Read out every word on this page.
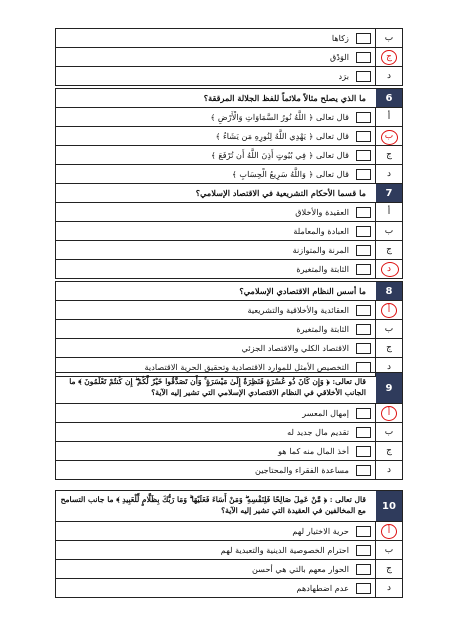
ب
زكاها
ج
الوَدْق
د
برَد
6
ما الذي يصلح مثالاً ملائماً للفظ الجلالة المرققة؟
أ
قال تعالى ﴿ اللَّهُ نُورُ السَّمَاوَاتِ وَالْأَرْضِ ﴾
ب
قال تعالى ﴿ يَهْدِي اللَّهُ لِنُورِهِ مَن يَشَاءُ ﴾
ج
قال تعالى ﴿ فِي بُيُوتٍ أَذِنَ اللَّهُ أَن تُرْفَعَ ﴾
د
قال تعالى ﴿ وَاللَّهُ سَرِيعُ الْحِسَابِ ﴾
7
ما قسما الأحكام التشريعية في الاقتصاد الإسلامي؟
أ
العقيدة والأخلاق
ب
العبادة والمعاملة
ج
المرنة والمتوازنة
د
الثابتة والمتغيرة
8
ما أسس النظام الاقتصادي الإسلامي؟
أ
العقائدية والأخلاقية والتشريعية
ب
الثابتة والمتغيرة
ج
الاقتصاد الكلي والاقتصاد الجزئي
د
التخصيص الأمثل للموارد الاقتصادية وتحقيق الحرية الاقتصادية
9
قال تعالى: ﴿ وَإِن كَانَ ذُو عُسْرَةٍ فَنَظِرَةٌ إِلَىٰ مَيْسَرَةٍ ۚ وَأَن تَصَدَّقُوا خَيْرٌ لَّكُمْ ۖ إِن كُنتُمْ تَعْلَمُونَ ﴾ ما الجانب الأخلاقي في النظام الاقتصادي الإسلامي التي تشير إليه الآية؟
أ
إمهال المعسر
ب
تقديم مال جديد له
ج
أخذ المال منه كما هو
د
مساعدة الفقراء والمحتاجين
10
قال تعالى : ﴿ مَّنْ عَمِلَ صَالِحًا فَلِنَفْسِهِ ۖ وَمَنْ أَسَاءَ فَعَلَيْهَا ۗ وَمَا رَبُّكَ بِظَلَّامٍ لِّلْعَبِيدِ ﴾ ما جانب التسامح مع المخالفين في العقيدة التي تشير إليه الآية؟
أ
حرية الاختيار لهم
ب
احترام الخصوصية الدينية والتعبدية لهم
ج
الحوار معهم بالتي هي أحسن
د
عدم اضطهادهم
